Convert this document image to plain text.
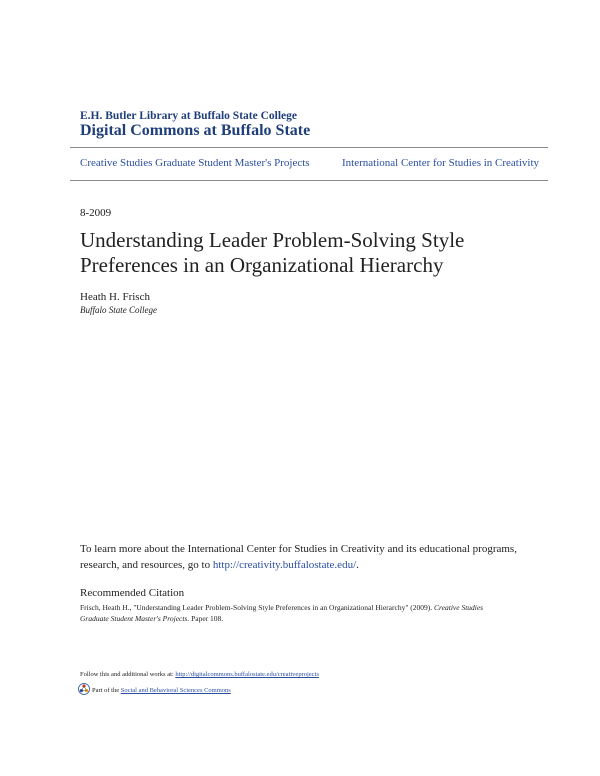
E.H. Butler Library at Buffalo State College
Digital Commons at Buffalo State
Creative Studies Graduate Student Master's Projects	International Center for Studies in Creativity
8-2009
Understanding Leader Problem-Solving Style
Preferences in an Organizational Hierarchy
Heath H. Frisch
Buffalo State College
To learn more about the International Center for Studies in Creativity and its educational programs,
research, and resources, go to http://creativity.buffalostate.edu/.
Recommended Citation
Frisch, Heath H., "Understanding Leader Problem-Solving Style Preferences in an Organizational Hierarchy" (2009). Creative Studies
Graduate Student Master's Projects. Paper 108.
Follow this and additional works at: http://digitalcommons.buffalostate.edu/creativeprojects
Part of the Social and Behavioral Sciences Commons
